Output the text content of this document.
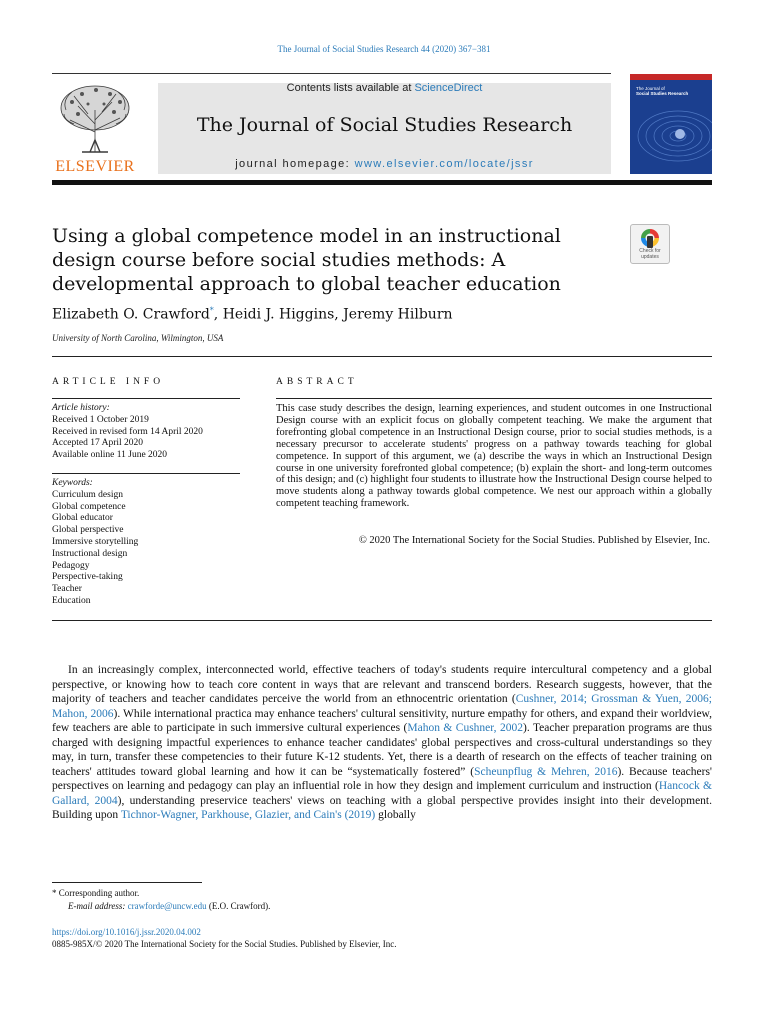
The Journal of Social Studies Research 44 (2020) 367−381
ELSEVIER
Contents lists available at ScienceDirect
The Journal of Social Studies Research
journal homepage: www.elsevier.com/locate/jssr
The Journal of
Social Studies Research
Using a global competence model in an instructional design course before social studies methods: A developmental approach to global teacher education
Check for updates
Elizabeth O. Crawford*, Heidi J. Higgins, Jeremy Hilburn
University of North Carolina, Wilmington, USA
ARTICLE INFO	ABSTRACT
Article history:
Received 1 October 2019
Received in revised form 14 April 2020
Accepted 17 April 2020
Available online 11 June 2020
Keywords:
Curriculum design
Global competence
Global educator
Global perspective
Immersive storytelling
Instructional design
Pedagogy
Perspective-taking
Teacher
Education
This case study describes the design, learning experiences, and student outcomes in one Instructional Design course with an explicit focus on globally competent teaching. We make the argument that forefronting global competence in an Instructional Design course, prior to social studies methods, is a necessary precursor to accelerate students' progress on a pathway towards teaching for global competence. In support of this argument, we (a) describe the ways in which an Instructional Design course in one university forefronted global competence; (b) explain the short- and long-term outcomes of this design; and (c) highlight four students to illustrate how the Instructional Design course helped to move students along a pathway towards global competence. We nest our approach within a globally competent teaching framework.
© 2020 The International Society for the Social Studies. Published by Elsevier, Inc.
In an increasingly complex, interconnected world, effective teachers of today's students require intercultural competency and a global perspective, or knowing how to teach core content in ways that are relevant and transcend borders. Research suggests, however, that the majority of teachers and teacher candidates perceive the world from an ethnocentric orientation (Cushner, 2014; Grossman & Yuen, 2006; Mahon, 2006). While international practica may enhance teachers' cultural sensitivity, nurture empathy for others, and expand their worldview, few teachers are able to participate in such immersive cultural experiences (Mahon & Cushner, 2002). Teacher preparation programs are thus charged with designing impactful experiences to enhance teacher candidates' global perspectives and cross-cultural understandings so they may, in turn, transfer these competencies to their future K-12 students. Yet, there is a dearth of research on the effects of teacher training on teachers' attitudes toward global learning and how it can be “systematically fostered” (Scheunpflug & Mehren, 2016). Because teachers' perspectives on learning and pedagogy can play an influential role in how they design and implement curriculum and instruction (Hancock & Gallard, 2004), understanding preservice teachers' views on teaching with a global perspective provides insight into their development. Building upon Tichnor-Wagner, Parkhouse, Glazier, and Cain's (2019) globally
* Corresponding author.
E-mail address: crawforde@uncw.edu (E.O. Crawford).
https://doi.org/10.1016/j.jssr.2020.04.002
0885-985X/© 2020 The International Society for the Social Studies. Published by Elsevier, Inc.
